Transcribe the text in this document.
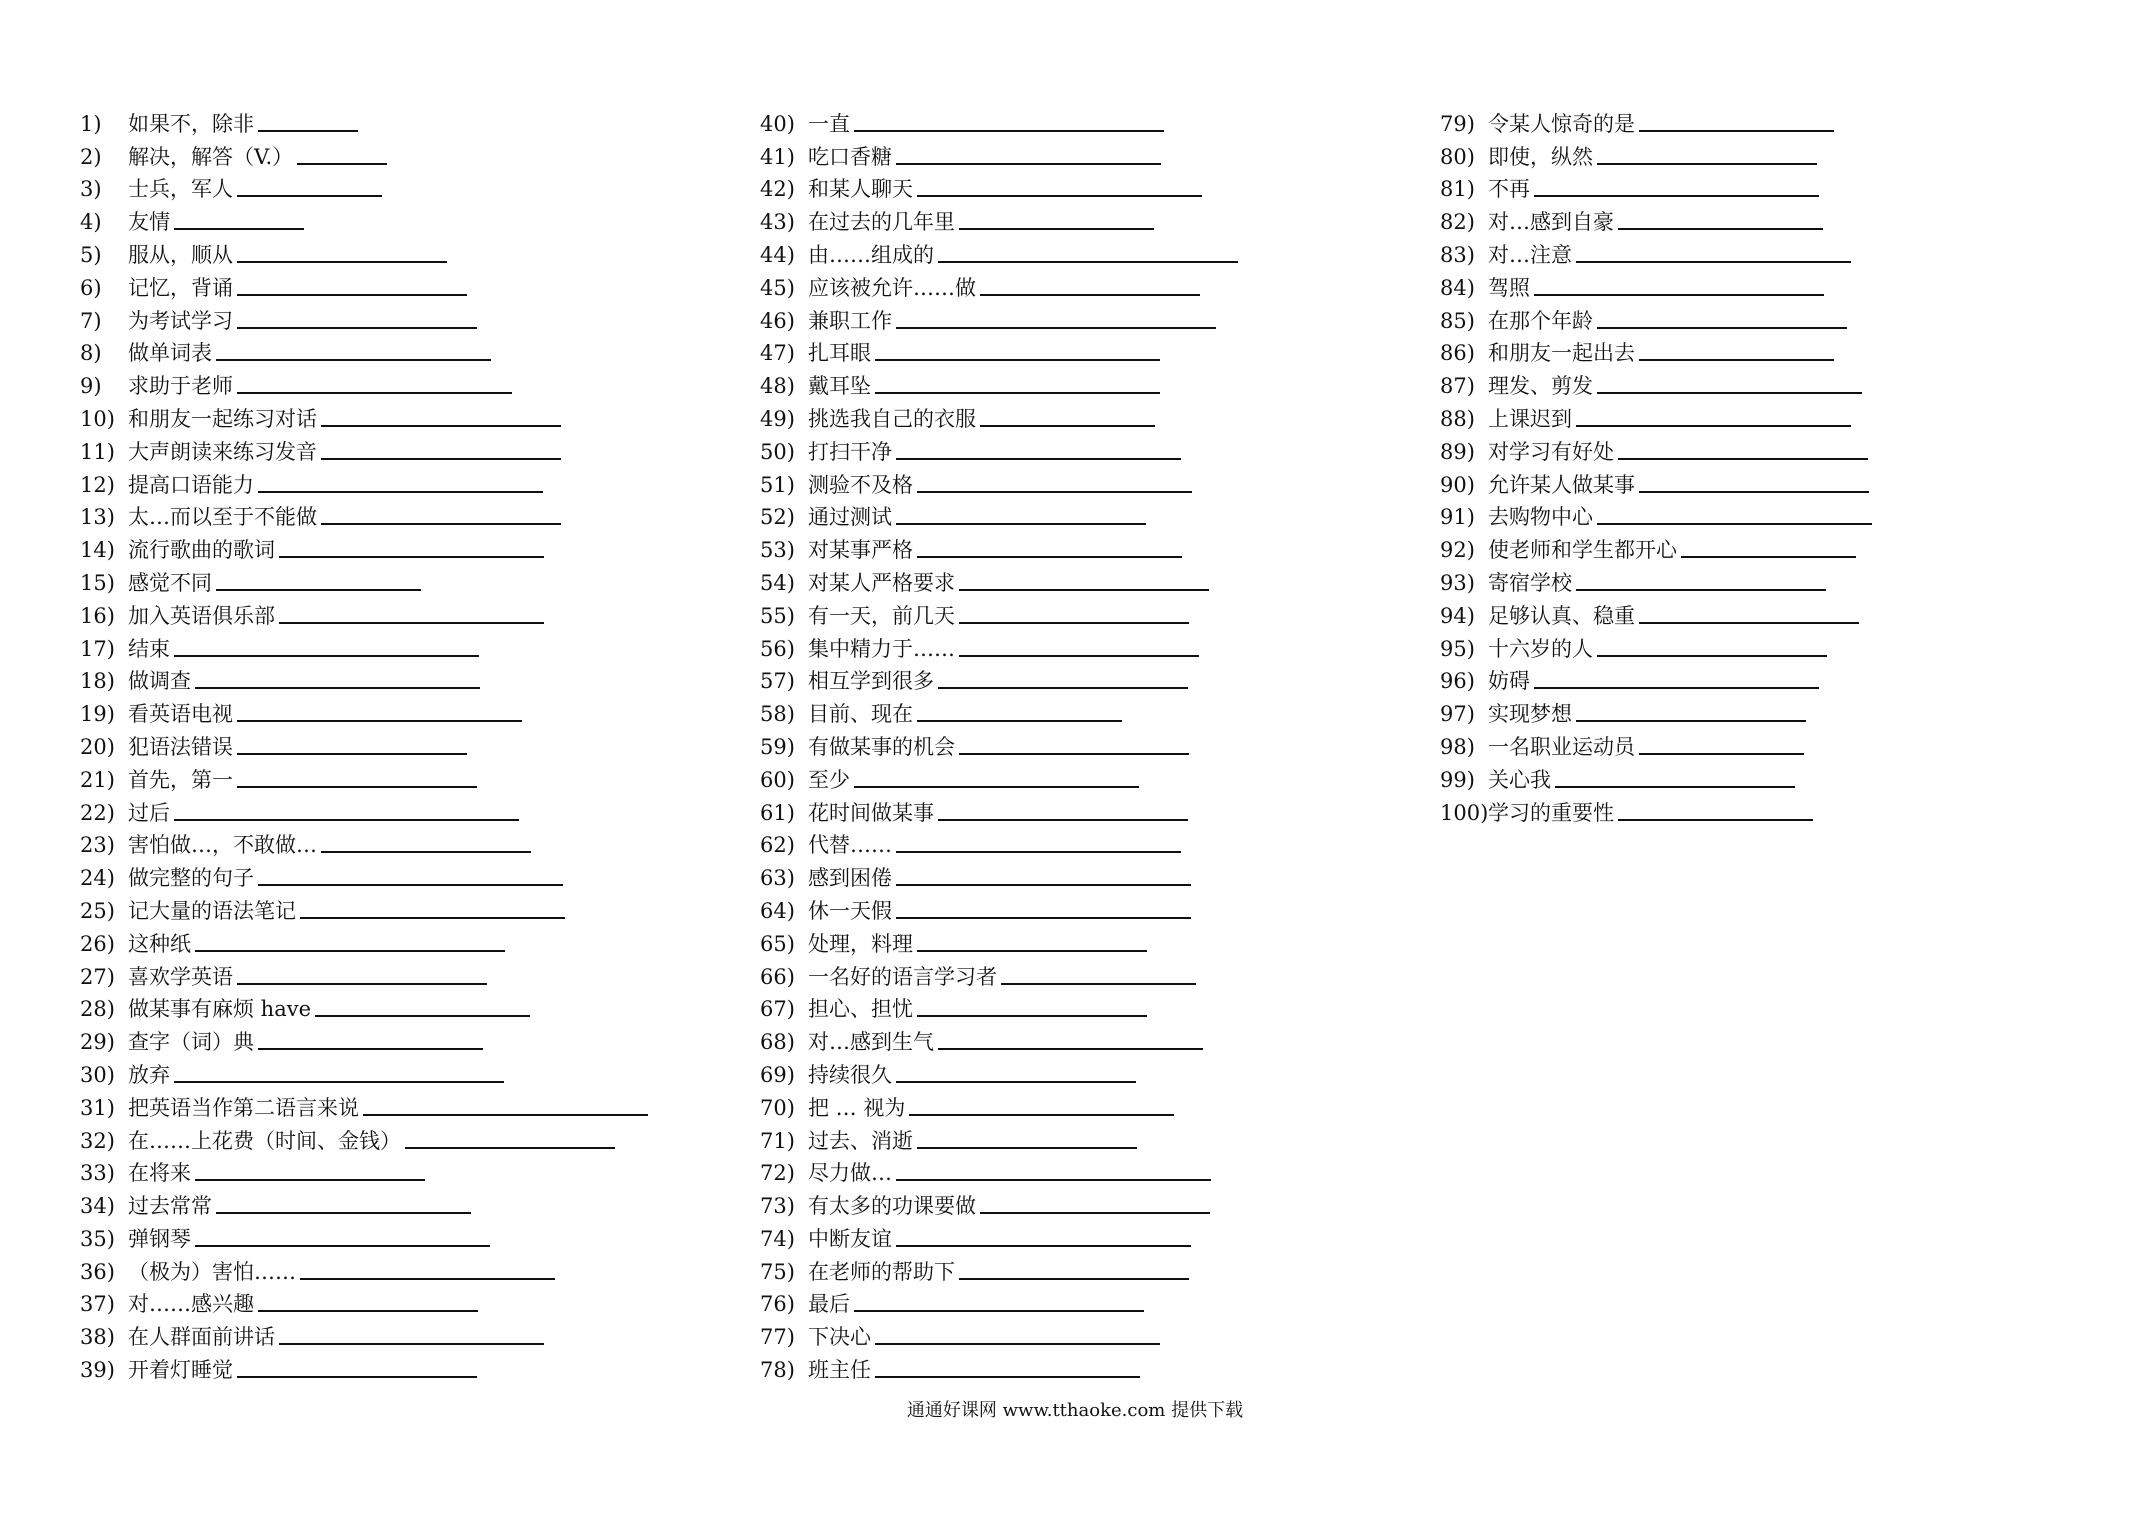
1)	如果不，除非
2)	解决，解答（V.）
3)	士兵，军人
4)	友情
5)	服从，顺从
6)	记忆，背诵
7)	为考试学习
8)	做单词表
9)	求助于老师
10) 和朋友一起练习对话
11) 大声朗读来练习发音
12) 提高口语能力
13) 太…而以至于不能做
14) 流行歌曲的歌词
15) 感觉不同
16) 加入英语俱乐部
17) 结束
18) 做调查
19) 看英语电视
20) 犯语法错误
21) 首先，第一
22) 过后
23) 害怕做…，不敢做…
24) 做完整的句子
25) 记大量的语法笔记
26) 这种纸
27) 喜欢学英语
28) 做某事有麻烦 have
29) 查字（词）典
30) 放弃
31) 把英语当作第二语言来说
32) 在……上花费（时间、金钱）
33) 在将来
34) 过去常常
35) 弹钢琴
36) （极为）害怕……
37) 对……感兴趣
38) 在人群面前讲话
39) 开着灯睡觉
40) 一直
41) 吃口香糖
42) 和某人聊天
43) 在过去的几年里
44) 由……组成的
45) 应该被允许……做
46) 兼职工作
47) 扎耳眼
48) 戴耳坠
49) 挑选我自己的衣服
50) 打扫干净
51) 测验不及格
52) 通过测试
53) 对某事严格
54) 对某人严格要求
55) 有一天，前几天
56) 集中精力于……
57) 相互学到很多
58) 目前、现在
59) 有做某事的机会
60) 至少
61) 花时间做某事
62) 代替……
63) 感到困倦
64) 休一天假
65) 处理，料理
66) 一名好的语言学习者
67) 担心、担忧
68) 对…感到生气
69) 持续很久
70) 把 … 视为
71) 过去、消逝
72) 尽力做…
73) 有太多的功课要做
74) 中断友谊
75) 在老师的帮助下
76) 最后
77) 下决心
78) 班主任
79) 令某人惊奇的是
80) 即使，纵然
81) 不再
82) 对…感到自豪
83) 对…注意
84) 驾照
85) 在那个年龄
86) 和朋友一起出去
87) 理发、剪发
88) 上课迟到
89) 对学习有好处
90) 允许某人做某事
91) 去购物中心
92) 使老师和学生都开心
93) 寄宿学校
94) 足够认真、稳重
95) 十六岁的人
96) 妨碍
97) 实现梦想
98) 一名职业运动员
99) 关心我
100) 学习的重要性
通通好课网 www.tthaoke.com 提供下载
